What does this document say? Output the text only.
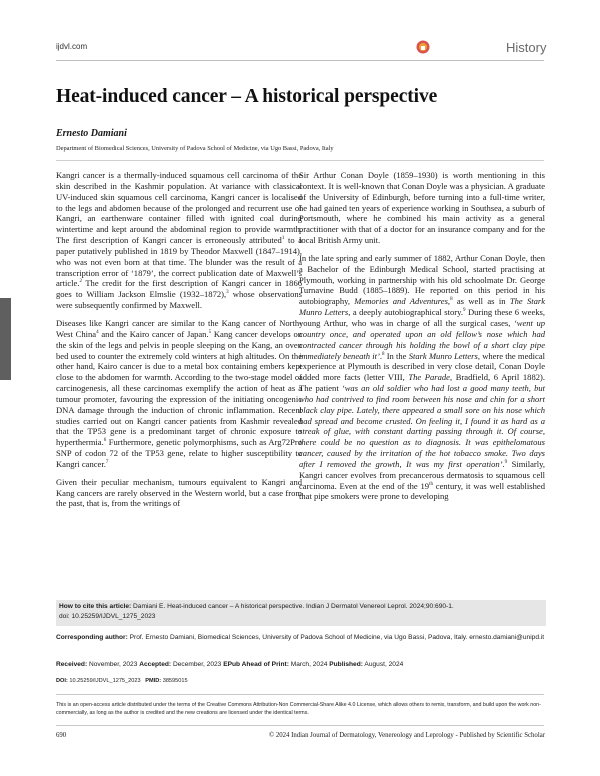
ijdvl.com	History
Heat-induced cancer – A historical perspective
Ernesto Damiani
Department of Biomedical Sciences, University of Padova School of Medicine, via Ugo Bassi, Padova, Italy

Kangri cancer is a thermally-induced squamous cell carcinoma of the skin described in the Kashmir population. At variance with classical UV-induced skin squamous cell carcinoma, Kangri cancer is localised to the legs and abdomen because of the prolonged and recurrent use of Kangri, an earthenware container filled with ignited coal during wintertime and kept around the abdominal region to provide warmth. The first description of Kangri cancer is erroneously attributed$^1$ to a paper putatively published in 1819 by Theodor Maxwell (1847–1914), who was not even born at that time. The blunder was the result of a transcription error of ‘1879’, the correct publication date of Maxwell’s article.$^2$ The credit for the first description of Kangri cancer in 1866 goes to William Jackson Elmslie (1932–1872),$^3$ whose observations were subsequently confirmed by Maxwell.

Diseases like Kangri cancer are similar to the Kang cancer of North-West China$^4$ and the Kairo cancer of Japan.$^5$ Kang cancer develops on the skin of the legs and pelvis in people sleeping on the Kang, an oven bed used to counter the extremely cold winters at high altitudes. On the other hand, Kairo cancer is due to a metal box containing embers kept close to the abdomen for warmth. According to the two-stage model of carcinogenesis, all these carcinomas exemplify the action of heat as a tumour promoter, favouring the expression of the initiating oncogenic DNA damage through the induction of chronic inflammation. Recent studies carried out on Kangri cancer patients from Kashmir revealed that the TP53 gene is a predominant target of chronic exposure to hyperthermia.$^6$ Furthermore, genetic polymorphisms, such as Arg72Pro SNP of codon 72 of the TP53 gene, relate to higher susceptibility to Kangri cancer.$^7$

Given their peculiar mechanism, tumours equivalent to Kangri and Kang cancers are rarely observed in the Western world, but a case from the past, that is, from the writings of

Sir Arthur Conan Doyle (1859–1930) is worth mentioning in this context. It is well-known that Conan Doyle was a physician. A graduate of the University of Edinburgh, before turning into a full-time writer, he had gained ten years of experience working in Southsea, a suburb of Portsmouth, where he combined his main activity as a general practitioner with that of a doctor for an insurance company and for the local British Army unit.

In the late spring and early summer of 1882, Arthur Conan Doyle, then a Bachelor of the Edinburgh Medical School, started practising at Plymouth, working in partnership with his old schoolmate Dr. George Turnavine Budd (1885–1889). He reported on this period in his autobiography, Memories and Adventures,$^8$ as well as in The Stark Munro Letters, a deeply autobiographical story.$^9$ During these 6 weeks, young Arthur, who was in charge of all the surgical cases, ‘went up country once, and operated upon an old fellow’s nose which had contracted cancer through his holding the bowl of a short clay pipe immediately beneath it’.$^8$ In the Stark Munro Letters, where the medical experience at Plymouth is described in very close detail, Conan Doyle added more facts (letter VIII, The Parade, Bradfield, 6 April 1882). The patient ‘was an old soldier who had lost a good many teeth, but who had contrived to find room between his nose and chin for a short black clay pipe. Lately, there appeared a small sore on his nose which had spread and become crusted. On feeling it, I found it as hard as a streak of glue, with constant darting passing through it. Of course, there could be no question as to diagnosis. It was epithelomatous cancer, caused by the irritation of the hot tobacco smoke. Two days after I removed the growth, It was my first operation’.$^9$ Similarly, Kangri cancer evolves from precancerous dermatosis to squamous cell carcinoma. Even at the end of the 19th century, it was well established that pipe smokers were prone to developing

How to cite this article: Damiani E. Heat-induced cancer – A historical perspective. Indian J Dermatol Venereol Leprol. 2024;90:690-1.
doi: 10.25259/IJDVL_1275_2023
Corresponding author: Prof. Ernesto Damiani, Biomedical Sciences, University of Padova School of Medicine, via Ugo Bassi, Padova, Italy. ernesto.damiani@unipd.it
Received: November, 2023 Accepted: December, 2023 EPub Ahead of Print: March, 2024 Published: August, 2024
DOI: 10.25259/IJDVL_1275_2023 PMID: 38595015
This is an open-access article distributed under the terms of the Creative Commons Attribution-Non Commercial-Share Alike 4.0 License, which allows others to remix, transform, and build upon the work non-commercially, as long as the author is credited and the new creations are licensed under the identical terms.
690	© 2024 Indian Journal of Dermatology, Venereology and Leprology - Published by Scientific Scholar
